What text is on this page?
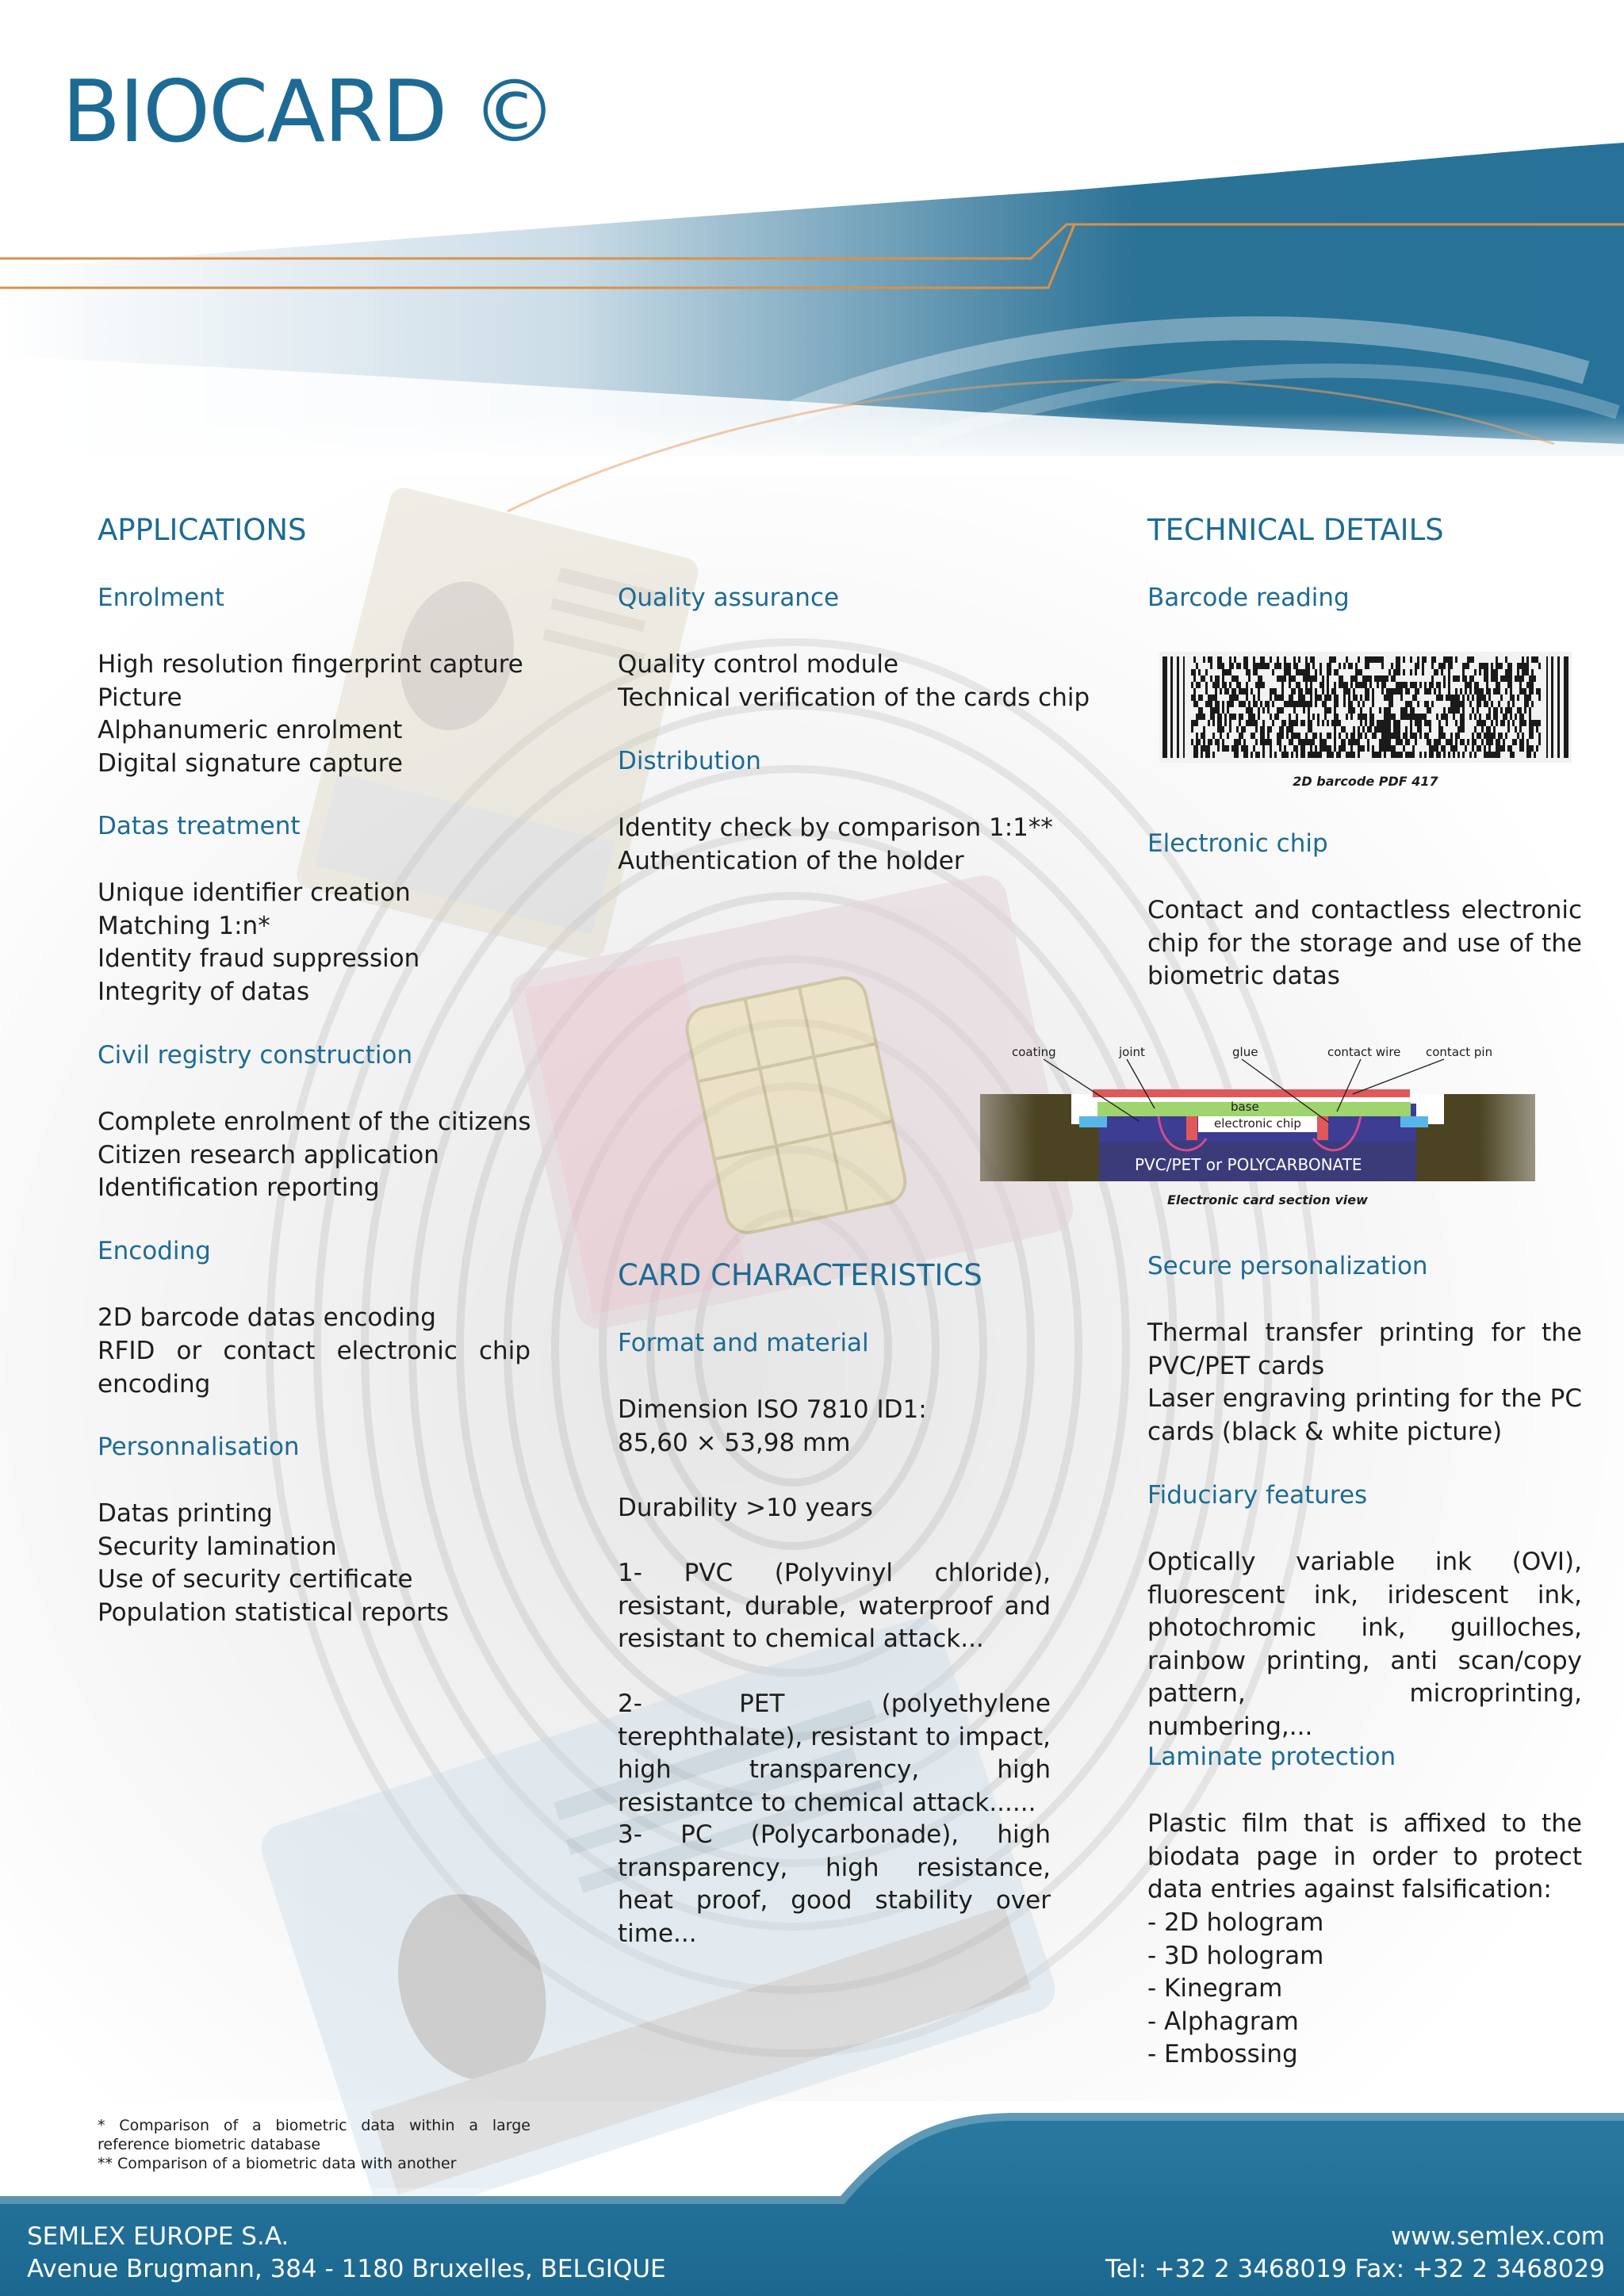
BIOCARD ©
APPLICATIONS
Enrolment
High resolution fingerprint capture
Picture
Alphanumeric enrolment
Digital signature capture
Datas treatment
Unique identifier creation
Matching 1:n*
Identity fraud suppression
Integrity of datas
Civil registry construction
Complete enrolment of the citizens
Citizen research application
Identification reporting
Encoding
2D barcode datas encoding
RFID or contact electronic chip encoding
Personnalisation
Datas printing
Security lamination
Use of security certificate
Population statistical reports
Quality assurance
Quality control module
Technical verification of the cards chip
Distribution
Identity check by comparison 1:1**
Authentication of the holder
CARD CHARACTERISTICS
Format and material
Dimension ISO 7810 ID1:
85,60 × 53,98 mm
Durability >10 years
1- PVC (Polyvinyl chloride), resistant, durable, waterproof and resistant to chemical attack...
2- PET (polyethylene terephthalate), resistant to impact, high transparency, high resistantce to chemical attack......
3- PC (Polycarbonade), high transparency, high resistance, heat proof, good stability over time...
TECHNICAL DETAILS
Barcode reading
2D barcode PDF 417
Electronic chip
Contact and contactless electronic chip for the storage and use of the biometric datas
coating	joint	glue	contact wire contact pin
base
electronic chip
PVC/PET or POLYCARBONATE
Electronic card section view
Secure personalization
Thermal transfer printing for the PVC/PET cards
Laser engraving printing for the PC cards (black & white picture)
Fiduciary features
Optically variable ink (OVI), fluorescent ink, iridescent ink, photochromic ink, guilloches, rainbow printing, anti scan/copy pattern, microprinting, numbering,...
Laminate protection
Plastic film that is affixed to the biodata page in order to protect data entries against falsification:
- 2D hologram
- 3D hologram
- Kinegram
- Alphagram
- Embossing
* Comparison of a biometric data within a large reference biometric database
** Comparison of a biometric data with another
SEMLEX EUROPE S.A.
Avenue Brugmann, 384 - 1180 Bruxelles, BELGIQUE
www.semlex.com
Tel: +32 2 3468019 Fax: +32 2 3468029
